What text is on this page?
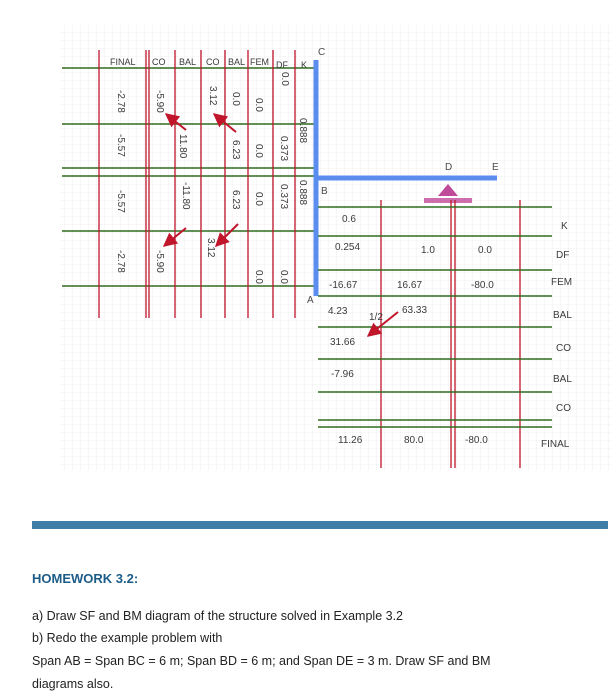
FINAL CO BAL CO BAL FEM DF K
C
B
A
0.888
0.888
0.0
0.0
0.0
3.12
-5.90
-2.78
0.373
0.0
6.23
11.80
-5.57
0.373
0.0
6.23
-11.80
-5.57
0.0
0.0
3.12
-5.90
-2.78
D	E
K
DF
FEM
BAL
CO
BAL
CO
FINAL
0.6
0.254
-16.67
4.23
31.66
-7.96
11.26
1.0
16.67
63.33
80.0
0.0
-80.0
-80.0
1/2
HOMEWORK 3.2:
a) Draw SF and BM diagram of the structure solved in Example 3.2
b) Redo the example problem with
Span AB = Span BC = 6 m; Span BD = 6 m; and Span DE = 3 m. Draw SF and BM
diagrams also.
